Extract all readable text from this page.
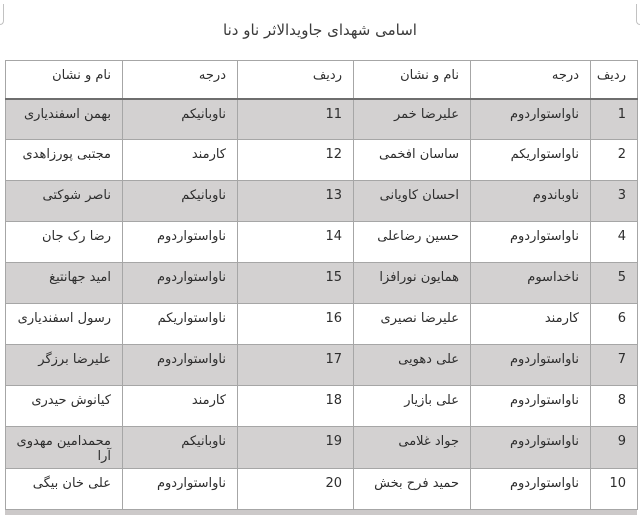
اسامی شهدای جاویدالاثر ناو دنا
ردیف	درجه	نام و نشان	ردیف	درجه	نام و نشان
1	ناواستواردوم	علیرضا خمر	11	ناوبانیکم	بهمن اسفندیاری
2	ناواستواریکم	ساسان افخمی	12	کارمند	مجتبی پورزاهدی
3	ناوباندوم	احسان کاویانی	13	ناوبانیکم	ناصر شوکتی
4	ناواستواردوم	حسین رضاعلی	14	ناواستواردوم	رضا رک جان
5	ناخداسوم	همایون نورافزا	15	ناواستواردوم	امید جهانتیغ
6	کارمند	علیرضا نصیری	16	ناواستواریکم	رسول اسفندیاری
7	ناواستواردوم	علی دهویی	17	ناواستواردوم	علیرضا برزگر
8	ناواستواردوم	علی بازیار	18	کارمند	کیانوش حیدری
9	ناواستواردوم	جواد غلامی	19	ناوبانیکم	محمدامین مهدوی آرا
10	ناواستواردوم	حمید فرح بخش	20	ناواستواردوم	علی خان بیگی
